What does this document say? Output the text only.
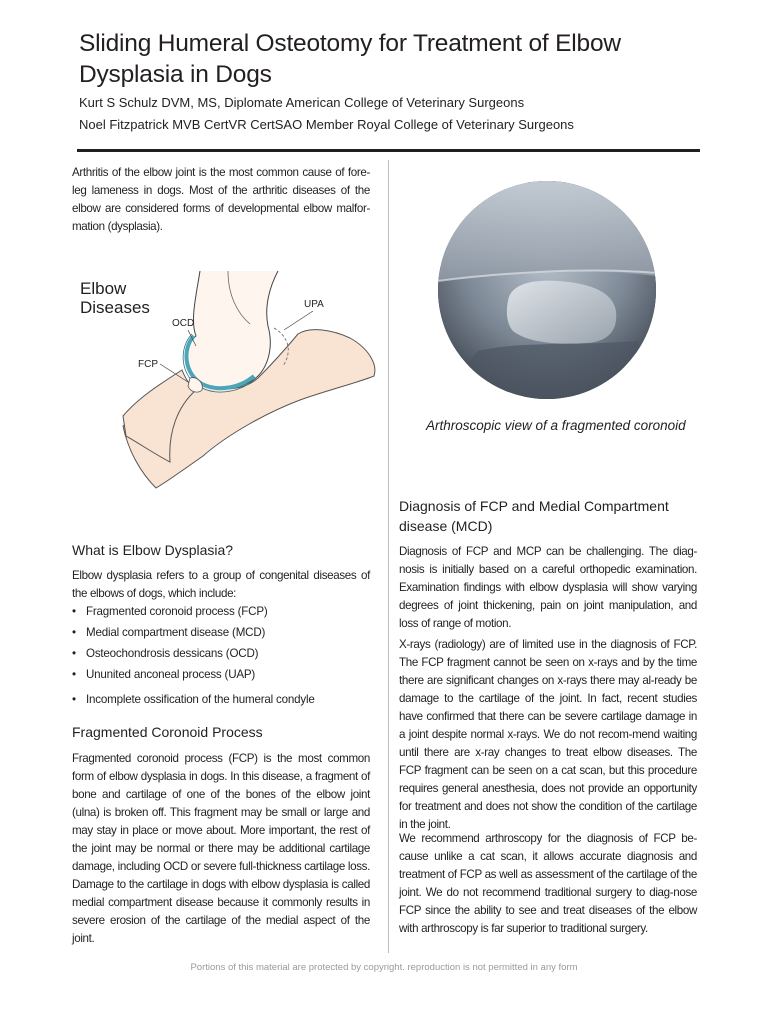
Sliding Humeral Osteotomy for Treatment of Elbow Dysplasia in Dogs
Kurt S Schulz DVM, MS, Diplomate American College of Veterinary Surgeons
Noel Fitzpatrick MVB CertVR CertSAO Member Royal College of Veterinary Surgeons

Arthritis of the elbow joint is the most common cause of fore-leg lameness in dogs. Most of the arthritic diseases of the elbow are considered forms of developmental elbow malfor-mation (dysplasia).

Elbow
Diseases
OCD
UPA
FCP
What is Elbow Dysplasia?

Elbow dysplasia refers to a group of congenital diseases of the elbows of dogs, which include:

• Fragmented coronoid process (FCP)
• Medial compartment disease (MCD)
• Osteochondrosis dessicans (OCD)
• Ununited anconeal process (UAP)
• Incomplete ossification of the humeral condyle
Fragmented Coronoid Process

Fragmented coronoid process (FCP) is the most common form of elbow dysplasia in dogs. In this disease, a fragment of bone and cartilage of one of the bones of the elbow joint (ulna) is broken off. This fragment may be small or large and may stay in place or move about. More important, the rest of the joint may be normal or there may be additional cartilage damage, including OCD or severe full-thickness cartilage loss. Damage to the cartilage in dogs with elbow dysplasia is called medial compartment disease because it commonly results in severe erosion of the cartilage of the medial aspect of the joint.

Arthroscopic view of a fragmented coronoid
Diagnosis of FCP and Medial Compartment disease (MCD)

Diagnosis of FCP and MCP can be challenging. The diag-nosis is initially based on a careful orthopedic examination. Examination findings with elbow dysplasia will show varying degrees of joint thickening, pain on joint manipulation, and loss of range of motion.

X-rays (radiology) are of limited use in the diagnosis of FCP. The FCP fragment cannot be seen on x-rays and by the time there are significant changes on x-rays there may al-ready be damage to the cartilage of the joint. In fact, recent studies have confirmed that there can be severe cartilage damage in a joint despite normal x-rays. We do not recom-mend waiting until there are x-ray changes to treat elbow diseases. The FCP fragment can be seen on a cat scan, but this procedure requires general anesthesia, does not provide an opportunity for treatment and does not show the condition of the cartilage in the joint.

We recommend arthroscopy for the diagnosis of FCP be-cause unlike a cat scan, it allows accurate diagnosis and treatment of FCP as well as assessment of the cartilage of the joint. We do not recommend traditional surgery to diag-nose FCP since the ability to see and treat diseases of the elbow with arthroscopy is far superior to traditional surgery.

Portions of this material are protected by copyright. reproduction is not permitted in any form
